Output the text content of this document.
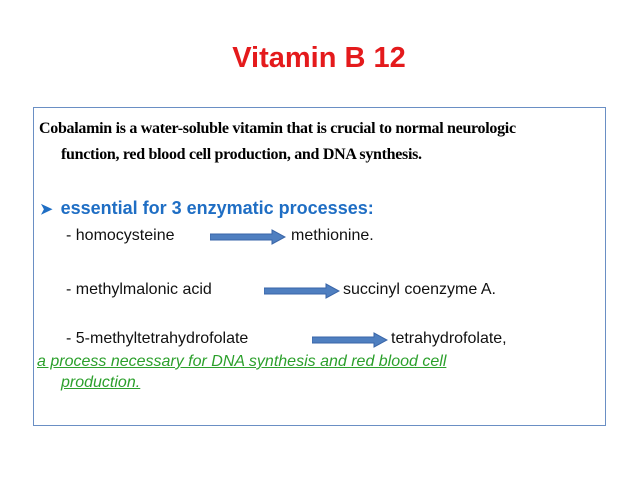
Vitamin B 12
Cobalamin is a water-soluble vitamin that is crucial to normal neurologic
function, red blood cell production, and DNA synthesis.
➤ essential for 3 enzymatic processes:
- homocysteine	methionine.
- methylmalonic acid	succinyl coenzyme A.
- 5-methyltetrahydrofolate	tetrahydrofolate,
a process necessary for DNA synthesis and red blood cell
production.
